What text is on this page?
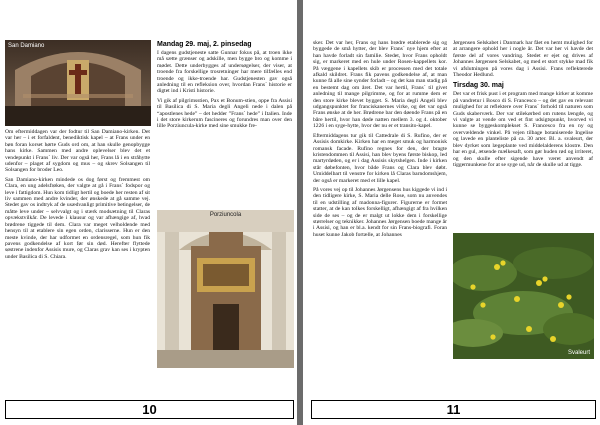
San Damiano

Om eftermiddagen var der fodtur til San Damiano-kirken. Det var her – i et forfaldent, benediktisk kapel – at Frans under en bøn foran korset hørte Guds ord om, at han skulle genopbygge hans kirke. Sammen med andre oplevelser blev det et vendepunkt i Frans´ liv. Der var også her, Frans lå i en stråhytte udenfor – plaget af sygdom og mus – og skrev Solsangen til Solsangen for broder Leo.

San Damiano-kirken mindede os dog først og fremmest om Clara, en ung adelsfrøken, der valgte at gå i Frans´ fodspor og leve i fattigdom. Hun kom tidligt hertil og boede her resten af sit liv sammen med andre kvinder, der ønskede at gå samme vej. Stedet gav os indtryk af de usædvanligt primitive betingelser, de måtte leve under – selvvalgt og i stærk modsætning til Claras opvækstvilkår. De levede i klausur og var afhængige af, hvad brødrene tiggede til dem. Clara var meget velholdende med hensyn til at etablere sin egen orden, clarisserne. Hun er den meste kvinde, der har udformet en ordensregel, som hun fik pavens godkendelse af kort før sin død. Herefter flyttede søstrene indenfor Assisis mure, og Claras grav kan ses i krypten under Basilica di S. Chiara.

Mandag 29. maj, 2. pinsedag

I dagens gudstjeneste satte Gunnar fokus på, at troen ikke må sætte grænser og adskille, men bygge bro og komme i mødet. Dette underbygges af undersøgelser, der viser, at troende fra forskellige trosretninger har mere tilfælles end troende og ikke-troende har. Gudstjenesten gav også anledning til en refleksion over, hvordan Frans´ historie er digtet ind i Kristi historie.

Vi gik af pilgrimsstien, Pax et Bonum-stien, oppe fra Assisi til Basilica di S. Maria degli Angeli nede i dalen på “apostlenes hede” – det hedder ”Frans´ hede” i Italien. Inde i det store kirkerum fascineres og forundres man over den lille Porziuncula-kirke med sine smukke fre-

Porziuncola
10

sker. Det var her, Frans og hans brødre etablerede sig og byggede de små hytter, der blev Frans´ nye hjem efter at han havde forladt sin familie. Stedet, hvor Frans opholdt sig, er markeret med en hule under Rosen-kappellets kor. På væggene i kapellets skib er processen med det totale afkald skildret. Frans fik pavens godkendelse af, at man kunne få alle sine synder forladt – og det kan man stadig på en bestemt dag om året. Det var hertil, Frans´ til givet anledning til mange pilgrimme, og for at rumme dem er den store kirke blevet bygget. S. Maria degli Angeli blev udgangspunktet for franciskanernes virke, og det var også Frans ønske at de her. Brødrene bar den døende Frans på en båre hertil, hvor han døde natten mellem 3. og 4. oktober 1226 i en syge-hytte, hvor der nu er et transito-kapel.

Eftermiddagens tur gik til Cattedrale di S. Rufino, der er Assisis domkirke. Kirken har en meget smuk og harmonisk romansk facade. Rufino regnes for den, der bragte kristendommen til Assisi, han blev byens første biskop, led martyrdøden, og er i dag Assisis skytshelgen. Inde i kirken står døbefonten, hvor både Frans og Clara blev døbt. Umiddelbart til venstre for kirken lå Claras barndomshjem, der også er markeret med et lille kapel.

På vores vej op til Johannes Jørgensens hus kiggede vi ind i den tidligere kirke, S. Maria delle Rose, som nu anvendes til en udstilling af madonna-figurer. Figurerne er formet statter, at de kan tolkes forskelligt, afhængigt af fra hvilken side de ses – og de er malgt ut lokke dem i forskellige størrelser og teknikker. Johannes Jørgensen boede mange år i Assisi, og han er bl.a. kendt for sin Frans-biografi. Foran huset kunne Jakob fortælle, at Johannes

Jørgensen Selskabet i Danmark har fået en hemt mulighed for at arrangere ophold her i nogle år. Det var her vi havde det første del af vores vandring. Stedet er ejet og drives af Johannes Jørgensen Selskabet, og med et stort stykke mad fik vi afslutningen på vores dag i Assisi. Frans reflekterede Theodor Hedlund.

Tirsdag 30. maj

Det var et frisk pust i et program med mange kirker at komme på vandretur i Bosco di S. Francesco – og det gav en relevant mulighed for at reflektere over Frans´ forhold til naturen som Guds skaberværk. Der var stilekørbed om rutens længde, og vi valgte at vende om ved et fint udsigtspunkt, hvorved vi kunne se byggeskomplekset S. Francesco fra en ny og overvældende vinkel. På vejen tilbage botaniserede Ingelise og lavede en planteliste på ca. 30 arter. Bl. a. svaleurt, der blev dyrket som lægeplante ved middelalderens klostre. Den har en gul, ætsende mælkesaft, som gør huden rød og irriteret, og den skulle efter sigende have været anvendt af tiggermunkene for at se syge ud, når de skulle ud at tigge.

Svaleurt
11
